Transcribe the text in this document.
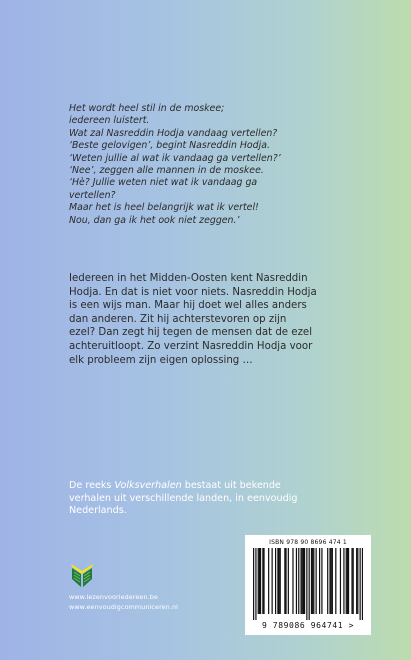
Het wordt heel stil in de moskee;
iedereen luistert.
Wat zal Nasreddin Hodja vandaag vertellen?
‘Beste gelovigen’, begint Nasreddin Hodja.
‘Weten jullie al wat ik vandaag ga vertellen?’
‘Nee’, zeggen alle mannen in de moskee.
‘Hè? Jullie weten niet wat ik vandaag ga
vertellen?
Maar het is heel belangrijk wat ik vertel!
Nou, dan ga ik het ook niet zeggen.’
Iedereen in het Midden-Oosten kent Nasreddin
Hodja. En dat is niet voor niets. Nasreddin Hodja
is een wijs man. Maar hij doet wel alles anders
dan anderen. Zit hij achterstevoren op zijn
ezel? Dan zegt hij tegen de mensen dat de ezel
achteruitloopt. Zo verzint Nasreddin Hodja voor
elk probleem zijn eigen oplossing …
De reeks Volksverhalen bestaat uit bekende
verhalen uit verschillende landen, in eenvoudig
Nederlands.
www.lezenvooriedereen.be
www.eenvoudigcommuniceren.nl
ISBN 978 90 8696 474 1
9 789086 964741 >
